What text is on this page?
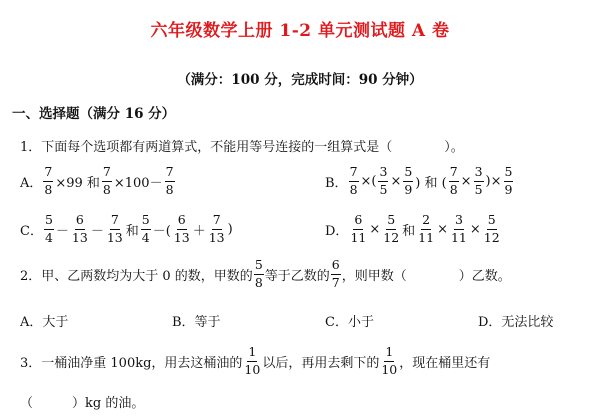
六年级数学上册 1-2 单元测试题 A 卷
（满分：100 分，完成时间：90 分钟）
一、选择题（满分 16 分）
1．下面每个选项都有两道算式，不能用等号连接的一组算式是（　　　　）。
A． $\frac{7}{8} \times 99$ 和 $\frac{7}{8} \times 100- \frac{7}{8}$	B． $\frac{7}{8}$ ×( $\frac{3}{5} \times \frac{5}{9}$ ) 和 ( $\frac{7}{8} \times \frac{3}{5}$ )× $\frac{5}{9}$
C． $\frac{5}{4} - \frac{6}{13} - \frac{7}{13}$ 和 $\frac{5}{4}$ －( $\frac{6}{13} + \frac{7}{13}$ )	D． $\frac{6}{11} \times \frac{5}{12}$ 和 $\frac{2}{11} \times \frac{3}{11} \times \frac{5}{12}$
2．甲、乙两数均为大于 0 的数，甲数的 $\frac{5}{8}$ 等于乙数的 $\frac{6}{7}$ ，则甲数（　　　　）乙数。
A．大于	B．等于	C．小于	D．无法比较
3．一桶油净重 100kg，用去这桶油的 $\frac{1}{10}$ 以后，再用去剩下的 $\frac{1}{10}$ ，现在桶里还有
（　　　）kg 的油。
